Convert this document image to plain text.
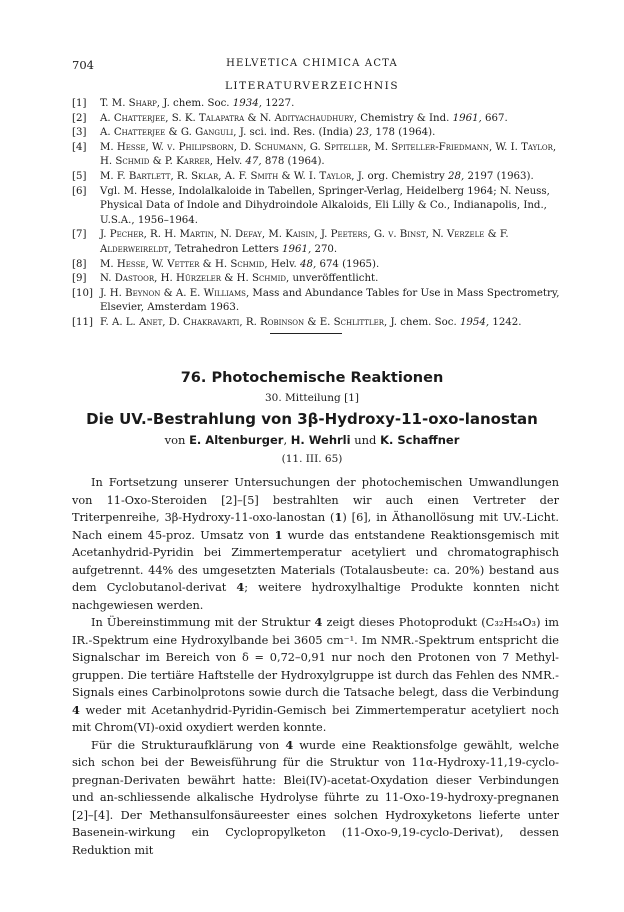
704	HELVETICA CHIMICA ACTA
LITERATURVERZEICHNIS
[1] T. M. Sharp, J. chem. Soc. 1934, 1227.
[2] A. Chatterjee, S. K. Talapatra & N. Adityachaudhury, Chemistry & Ind. 1961, 667.
[3] A. Chatterjee & G. Ganguli, J. sci. ind. Res. (India) 23, 178 (1964).
[4] M. Hesse, W. v. Philipsborn, D. Schumann, G. Spiteller, M. Spiteller-Friedmann, W. I. Taylor, H. Schmid & P. Karrer, Helv. 47, 878 (1964).
[5] M. F. Bartlett, R. Sklar, A. F. Smith & W. I. Taylor, J. org. Chemistry 28, 2197 (1963).
[6] Vgl. M. Hesse, Indolalkaloide in Tabellen, Springer-Verlag, Heidelberg 1964; N. Neuss, Physical Data of Indole and Dihydroindole Alkaloids, Eli Lilly & Co., Indianapolis, Ind., U.S.A., 1956–1964.
[7] J. Pecher, R. H. Martin, N. Defay, M. Kaisin, J. Peeters, G. v. Binst, N. Verzele & F. Alderweireldt, Tetrahedron Letters 1961, 270.
[8] M. Hesse, W. Vetter & H. Schmid, Helv. 48, 674 (1965).
[9] N. Dastoor, H. Hürzeler & H. Schmid, unveröffentlicht.
[10] J. H. Beynon & A. E. Williams, Mass and Abundance Tables for Use in Mass Spectrometry, Elsevier, Amsterdam 1963.
[11] F. A. L. Anet, D. Chakravarti, R. Robinson & E. Schlittler, J. chem. Soc. 1954, 1242.
76. Photochemische Reaktionen
30. Mitteilung [1]
Die UV.-Bestrahlung von 3β-Hydroxy-11-oxo-lanostan
von E. Altenburger, H. Wehrli und K. Schaffner
(11. III. 65)

In Fortsetzung unserer Untersuchungen der photochemischen Umwandlungen von 11-Oxo-Steroiden [2]–[5] bestrahlten wir auch einen Vertreter der Triterpenreihe, 3β-Hydroxy-11-oxo-lanostan (1) [6], in Äthanollösung mit UV.-Licht. Nach einem 45-proz. Umsatz von 1 wurde das entstandene Reaktionsgemisch mit Acetanhydrid-Pyridin bei Zimmertemperatur acetyliert und chromatographisch aufgetrennt. 44% des umgesetzten Materials (Totalausbeute: ca. 20%) bestand aus dem Cyclobutanol-derivat 4; weitere hydroxylhaltige Produkte konnten nicht nachgewiesen werden.

In Übereinstimmung mit der Struktur 4 zeigt dieses Photoprodukt (C₃₂H₅₄O₃) im IR.-Spektrum eine Hydroxylbande bei 3605 cm⁻¹. Im NMR.-Spektrum entspricht die Signalschar im Bereich von δ = 0,72–0,91 nur noch den Protonen von 7 Methyl-gruppen. Die tertiäre Haftstelle der Hydroxylgruppe ist durch das Fehlen des NMR.-Signals eines Carbinolprotons sowie durch die Tatsache belegt, dass die Verbindung 4 weder mit Acetanhydrid-Pyridin-Gemisch bei Zimmertemperatur acetyliert noch mit Chrom(VI)-oxid oxydiert werden konnte.

Für die Strukturaufklärung von 4 wurde eine Reaktionsfolge gewählt, welche sich schon bei der Beweisführung für die Struktur von 11α-Hydroxy-11,19-cyclo-pregnan-Derivaten bewährt hatte: Blei(IV)-acetat-Oxydation dieser Verbindungen und an-schliessende alkalische Hydrolyse führte zu 11-Oxo-19-hydroxy-pregnanen [2]–[4]. Der Methansulfonsäureester eines solchen Hydroxyketons lieferte unter Basenein-wirkung ein Cyclopropylketon (11-Oxo-9,19-cyclo-Derivat), dessen Reduktion mit
